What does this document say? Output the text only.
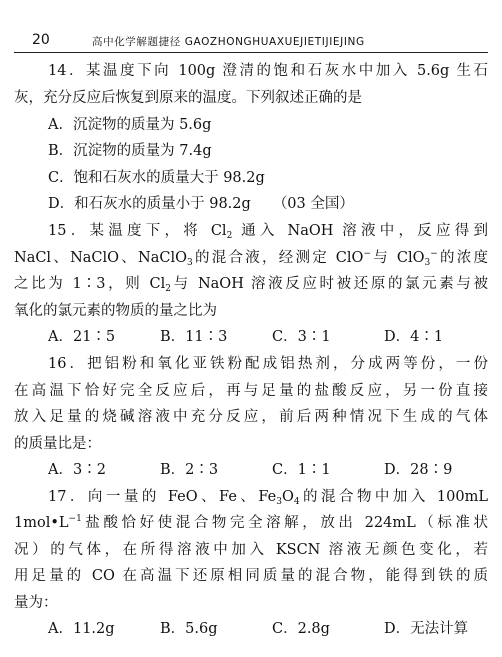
20	高中化学解题捷径 GAOZHONGHUAXUEJIETIJIEJING
14．某温度下向 100g 澄清的饱和石灰水中加入 5.6g 生石
灰，充分反应后恢复到原来的温度。下列叙述正确的是
A．沉淀物的质量为 5.6g
B．沉淀物的质量为 7.4g
C．饱和石灰水的质量大于 98.2g
D．和石灰水的质量小于 98.2g （03 全国）
15．某温度下，将 $Cl_2$ 通入 NaOH 溶液中，反应得到
NaCl、NaClO、NaClO$_3$的混合液，经测定 ClO−与 ClO$_3$−的浓度
之比为 1∶3，则 $Cl_2$与 NaOH 溶液反应时被还原的氯元素与被
氧化的氯元素的物质的量之比为
A．21∶5	B．11∶3	C．3∶1	D．4∶1
16．把铝粉和氧化亚铁粉配成铝热剂，分成两等份，一份
在高温下恰好完全反应后，再与足量的盐酸反应，另一份直接
放入足量的烧碱溶液中充分反应，前后两种情况下生成的气体
的质量比是：
A．3∶2	B．2∶3	C．1∶1	D．28∶9
17．向一量的 FeO、Fe、$Fe_3O_4$的混合物中加入 100mL
$1mol•L^{-1}$盐酸恰好使混合物完全溶解，放出 224mL（标准状
况）的气体，在所得溶液中加入 KSCN 溶液无颜色变化，若
用足量的 CO 在高温下还原相同质量的混合物，能得到铁的质
量为：
A．11.2g	B．5.6g	C．2.8g	D．无法计算
